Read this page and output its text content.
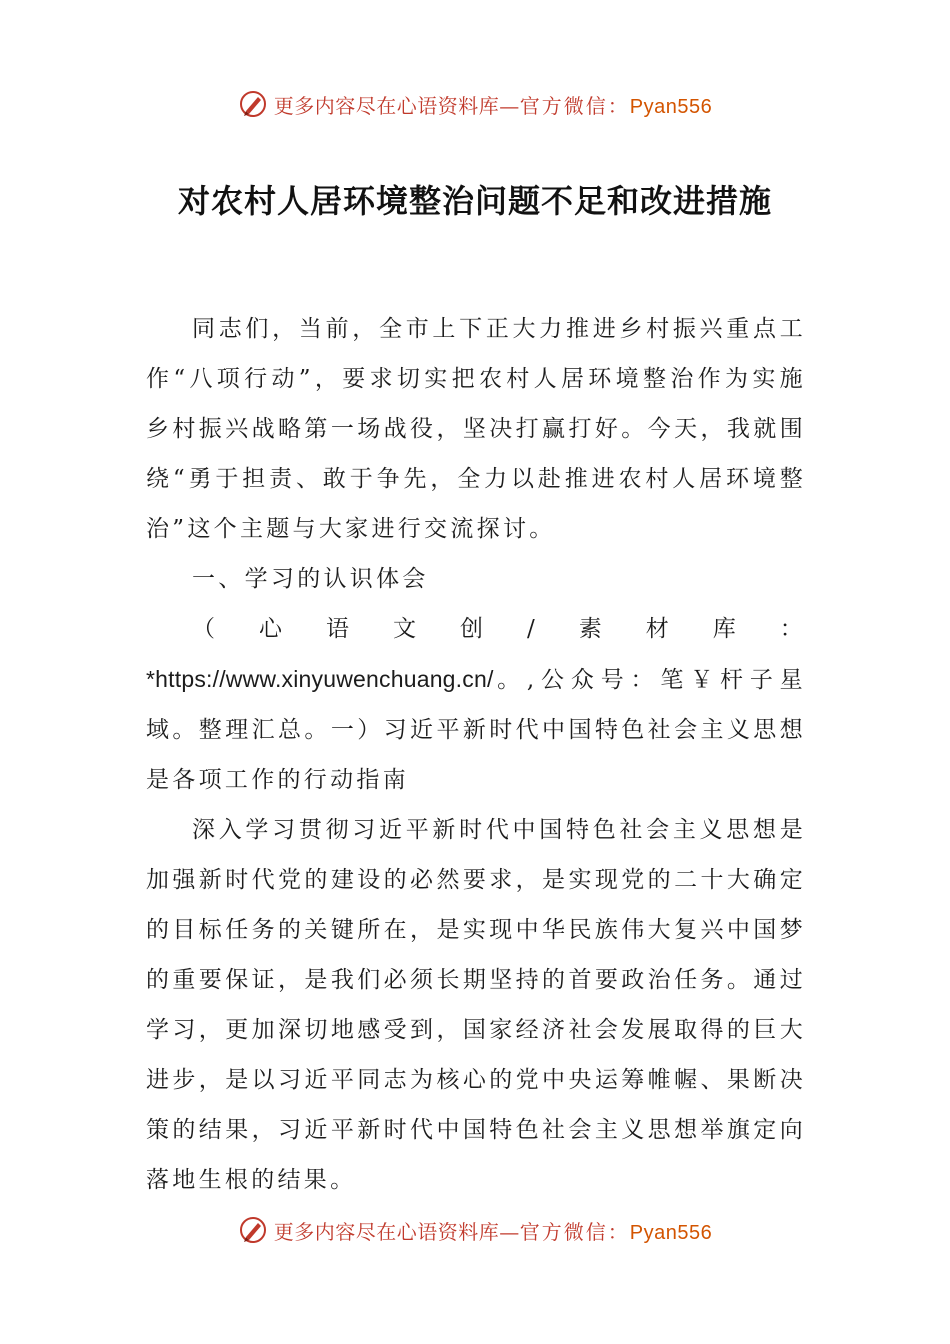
更多内容尽在心语资料库—官方微信：Pyan556
对农村人居环境整治问题不足和改进措施

同志们，当前，全市上下正大力推进乡村振兴重点工作“八项行动”，要求切实把农村人居环境整治作为实施乡村振兴战略第一场战役，坚决打赢打好。今天，我就围绕“勇于担责、敢于争先，全力以赴推进农村人居环境整治”这个主题与大家进行交流探讨。

一、学习的认识体会

（心语文创/素材库：*https://www.xinyuwenchuang.cn/。,公众号：笔￥杆子星域。整理汇总。一）习近平新时代中国特色社会主义思想是各项工作的行动指南

深入学习贯彻习近平新时代中国特色社会主义思想是加强新时代党的建设的必然要求，是实现党的二十大确定的目标任务的关键所在，是实现中华民族伟大复兴中国梦的重要保证，是我们必须长期坚持的首要政治任务。通过学习，更加深切地感受到，国家经济社会发展取得的巨大进步，是以习近平同志为核心的党中央运筹帷幄、果断决策的结果，习近平新时代中国特色社会主义思想举旗定向落地生根的结果。

更多内容尽在心语资料库—官方微信：Pyan556
